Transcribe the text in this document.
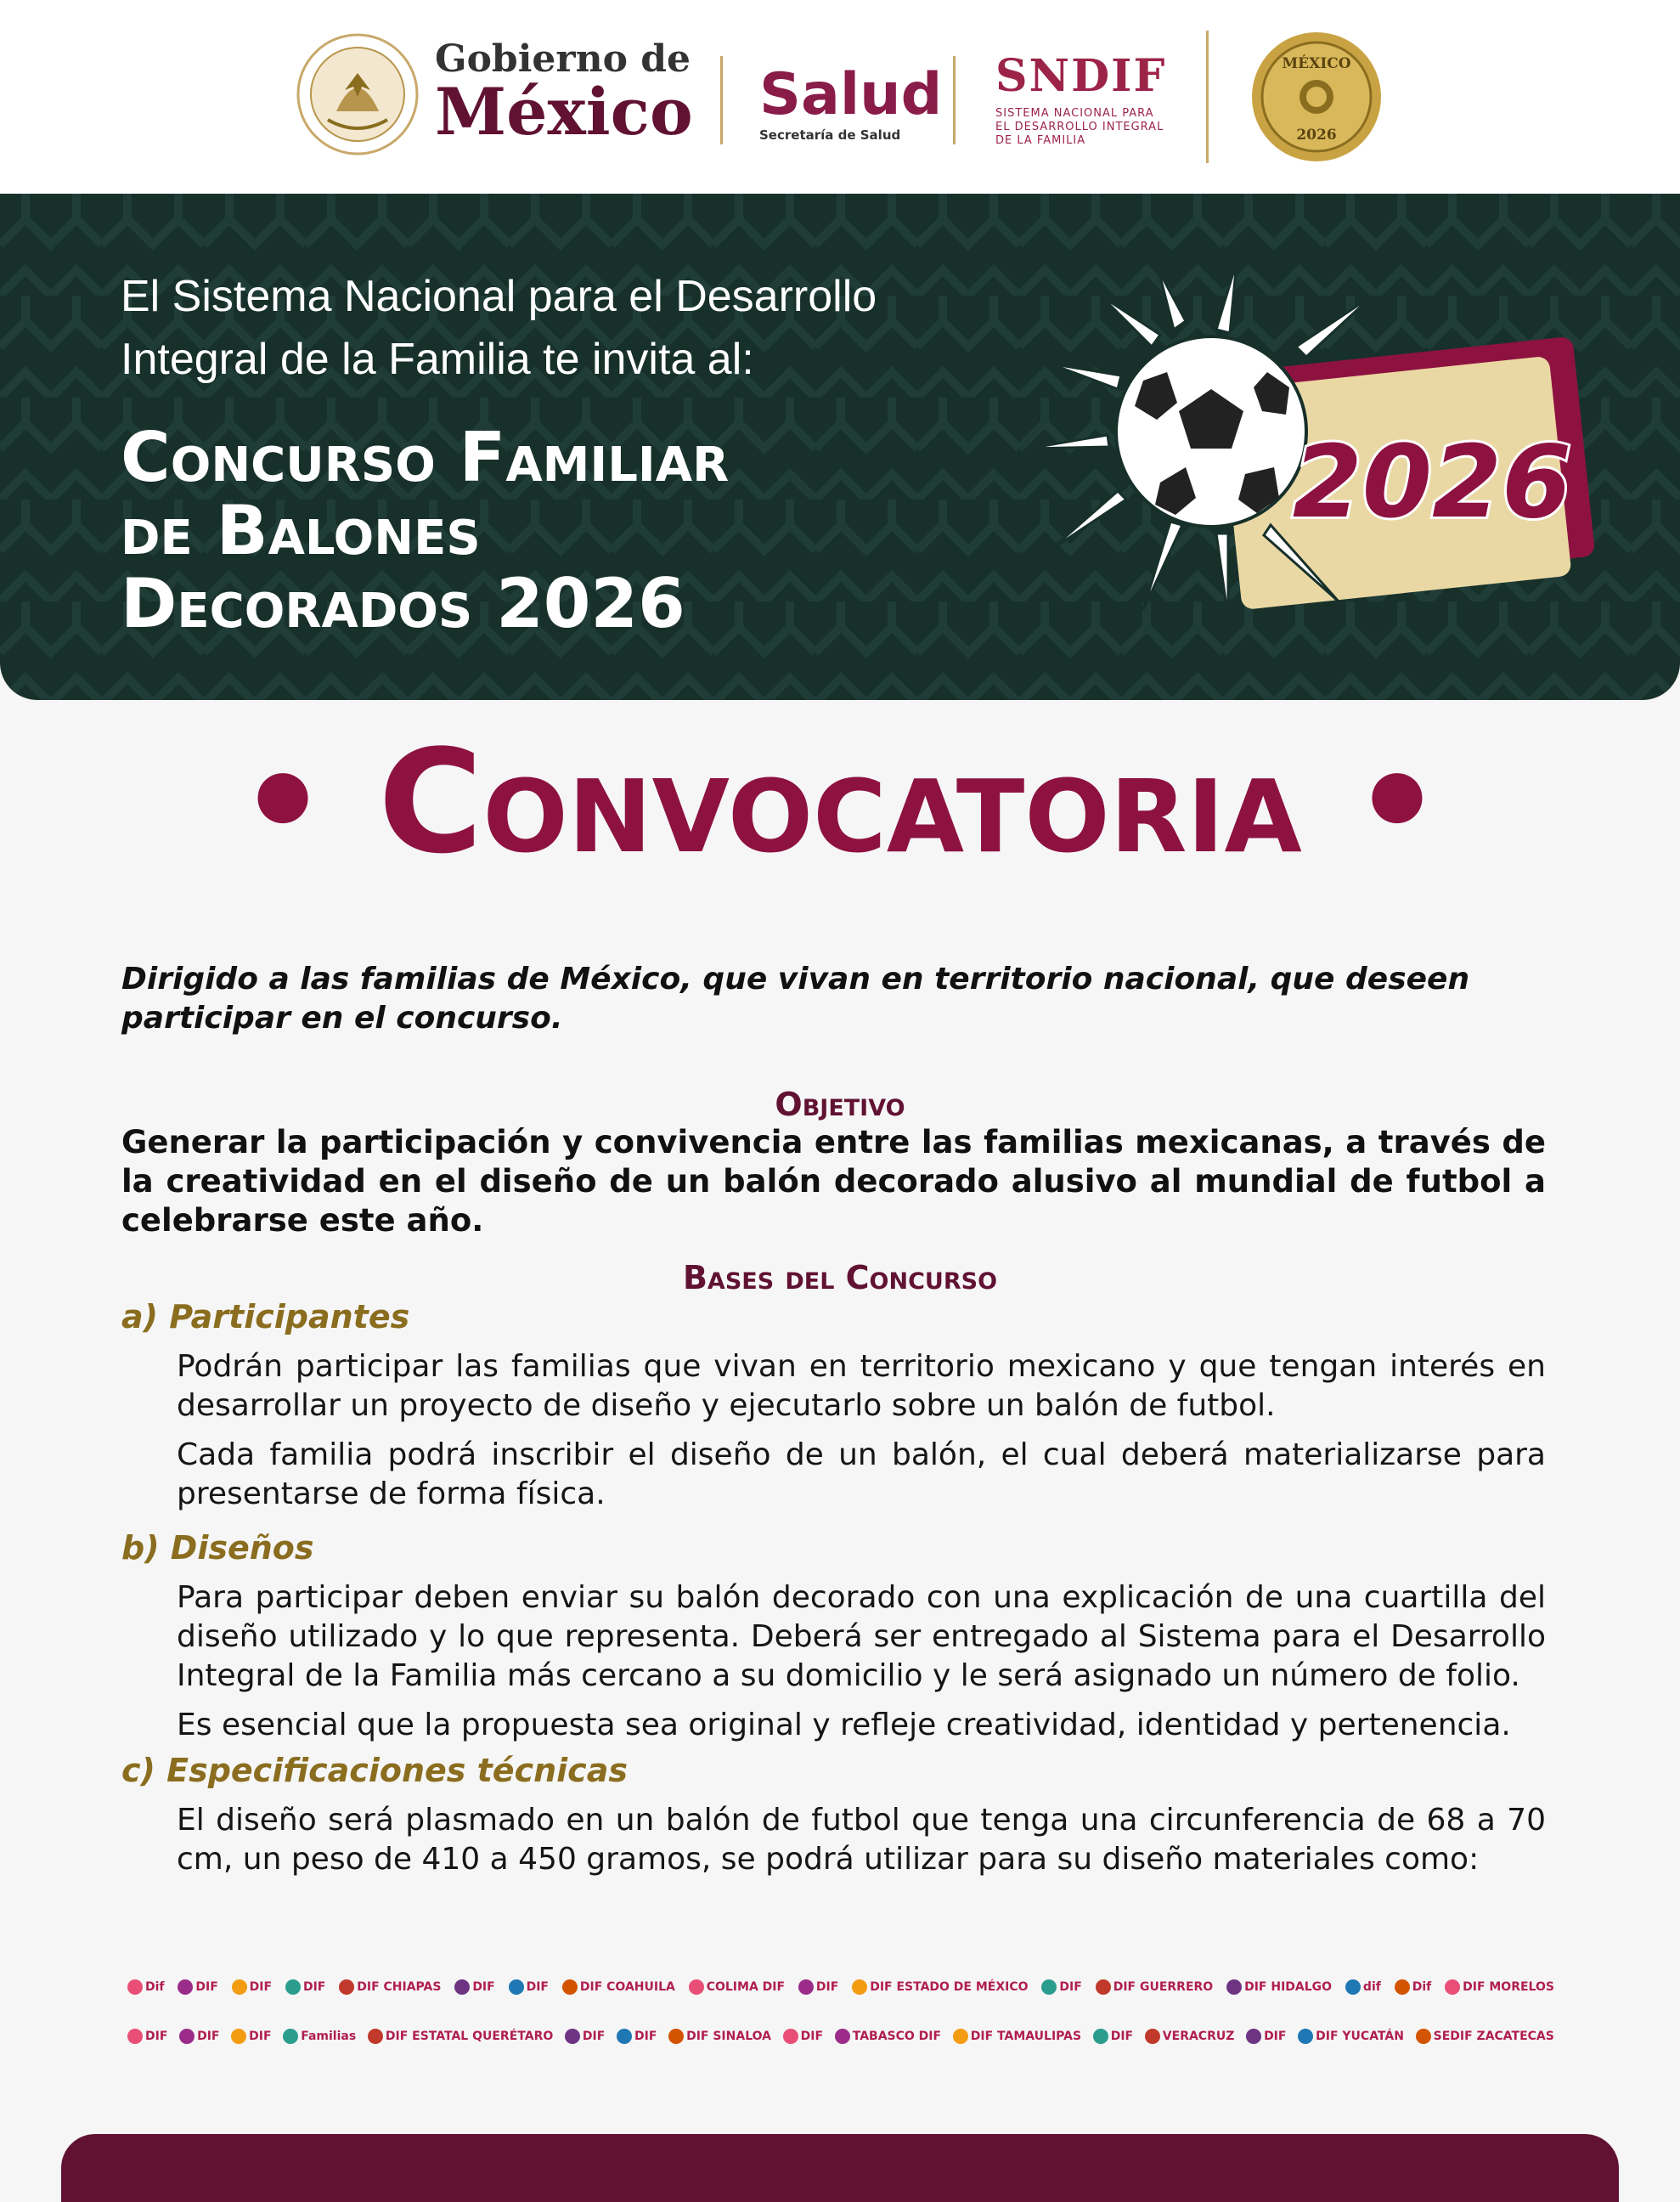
Gobierno de
México Salud
Secretaría de Salud
SNDIF
SISTEMA NACIONAL PARA
EL DESARROLLO INTEGRAL
DE LA FAMILIA
MÉXICO
2026
El Sistema Nacional para el Desarrollo
Integral de la Familia te invita al:
Concurso Familiar
de Balones
Decorados 2026
2026
• Convocatoria •
Dirigido a las familias de México, que vivan en territorio nacional, que deseen participar en el concurso.
Objetivo
Generar la participación y convivencia entre las familias mexicanas, a través de la creatividad en el diseño de un balón decorado alusivo al mundial de futbol a celebrarse este año.
Bases del Concurso
a) Participantes
Podrán participar las familias que vivan en territorio mexicano y que tengan interés en desarrollar un proyecto de diseño y ejecutarlo sobre un balón de futbol.
Cada familia podrá inscribir el diseño de un balón, el cual deberá materializarse para presentarse de forma física.
b) Diseños
Para participar deben enviar su balón decorado con una explicación de una cuartilla del diseño utilizado y lo que representa. Deberá ser entregado al Sistema para el Desarrollo Integral de la Familia más cercano a su domicilio y le será asignado un número de folio.
Es esencial que la propuesta sea original y refleje creatividad, identidad y pertenencia.
c) Especificaciones técnicas
El diseño será plasmado en un balón de futbol que tenga una circunferencia de 68 a 70 cm, un peso de 410 a 450 gramos, se podrá utilizar para su diseño materiales como:
Dif	DIF	DIF	DIF	DIF CHIAPAS	DIF	DIF	DIF COAHUILA	COLIMA DIF	DIF	DIF ESTADO DE MÉXICO	DIF	DIF GUERRERO	DIF HIDALGO	dif	Dif	DIF MORELOS
DIF DIF DIF Familias DIF ESTATAL QUERÉTARO DIF DIF DIF SINALOA DIF TABASCO DIF DIF TAMAULIPAS DIF VERACRUZ DIF DIF YUCATÁN SEDIF ZACATECAS
